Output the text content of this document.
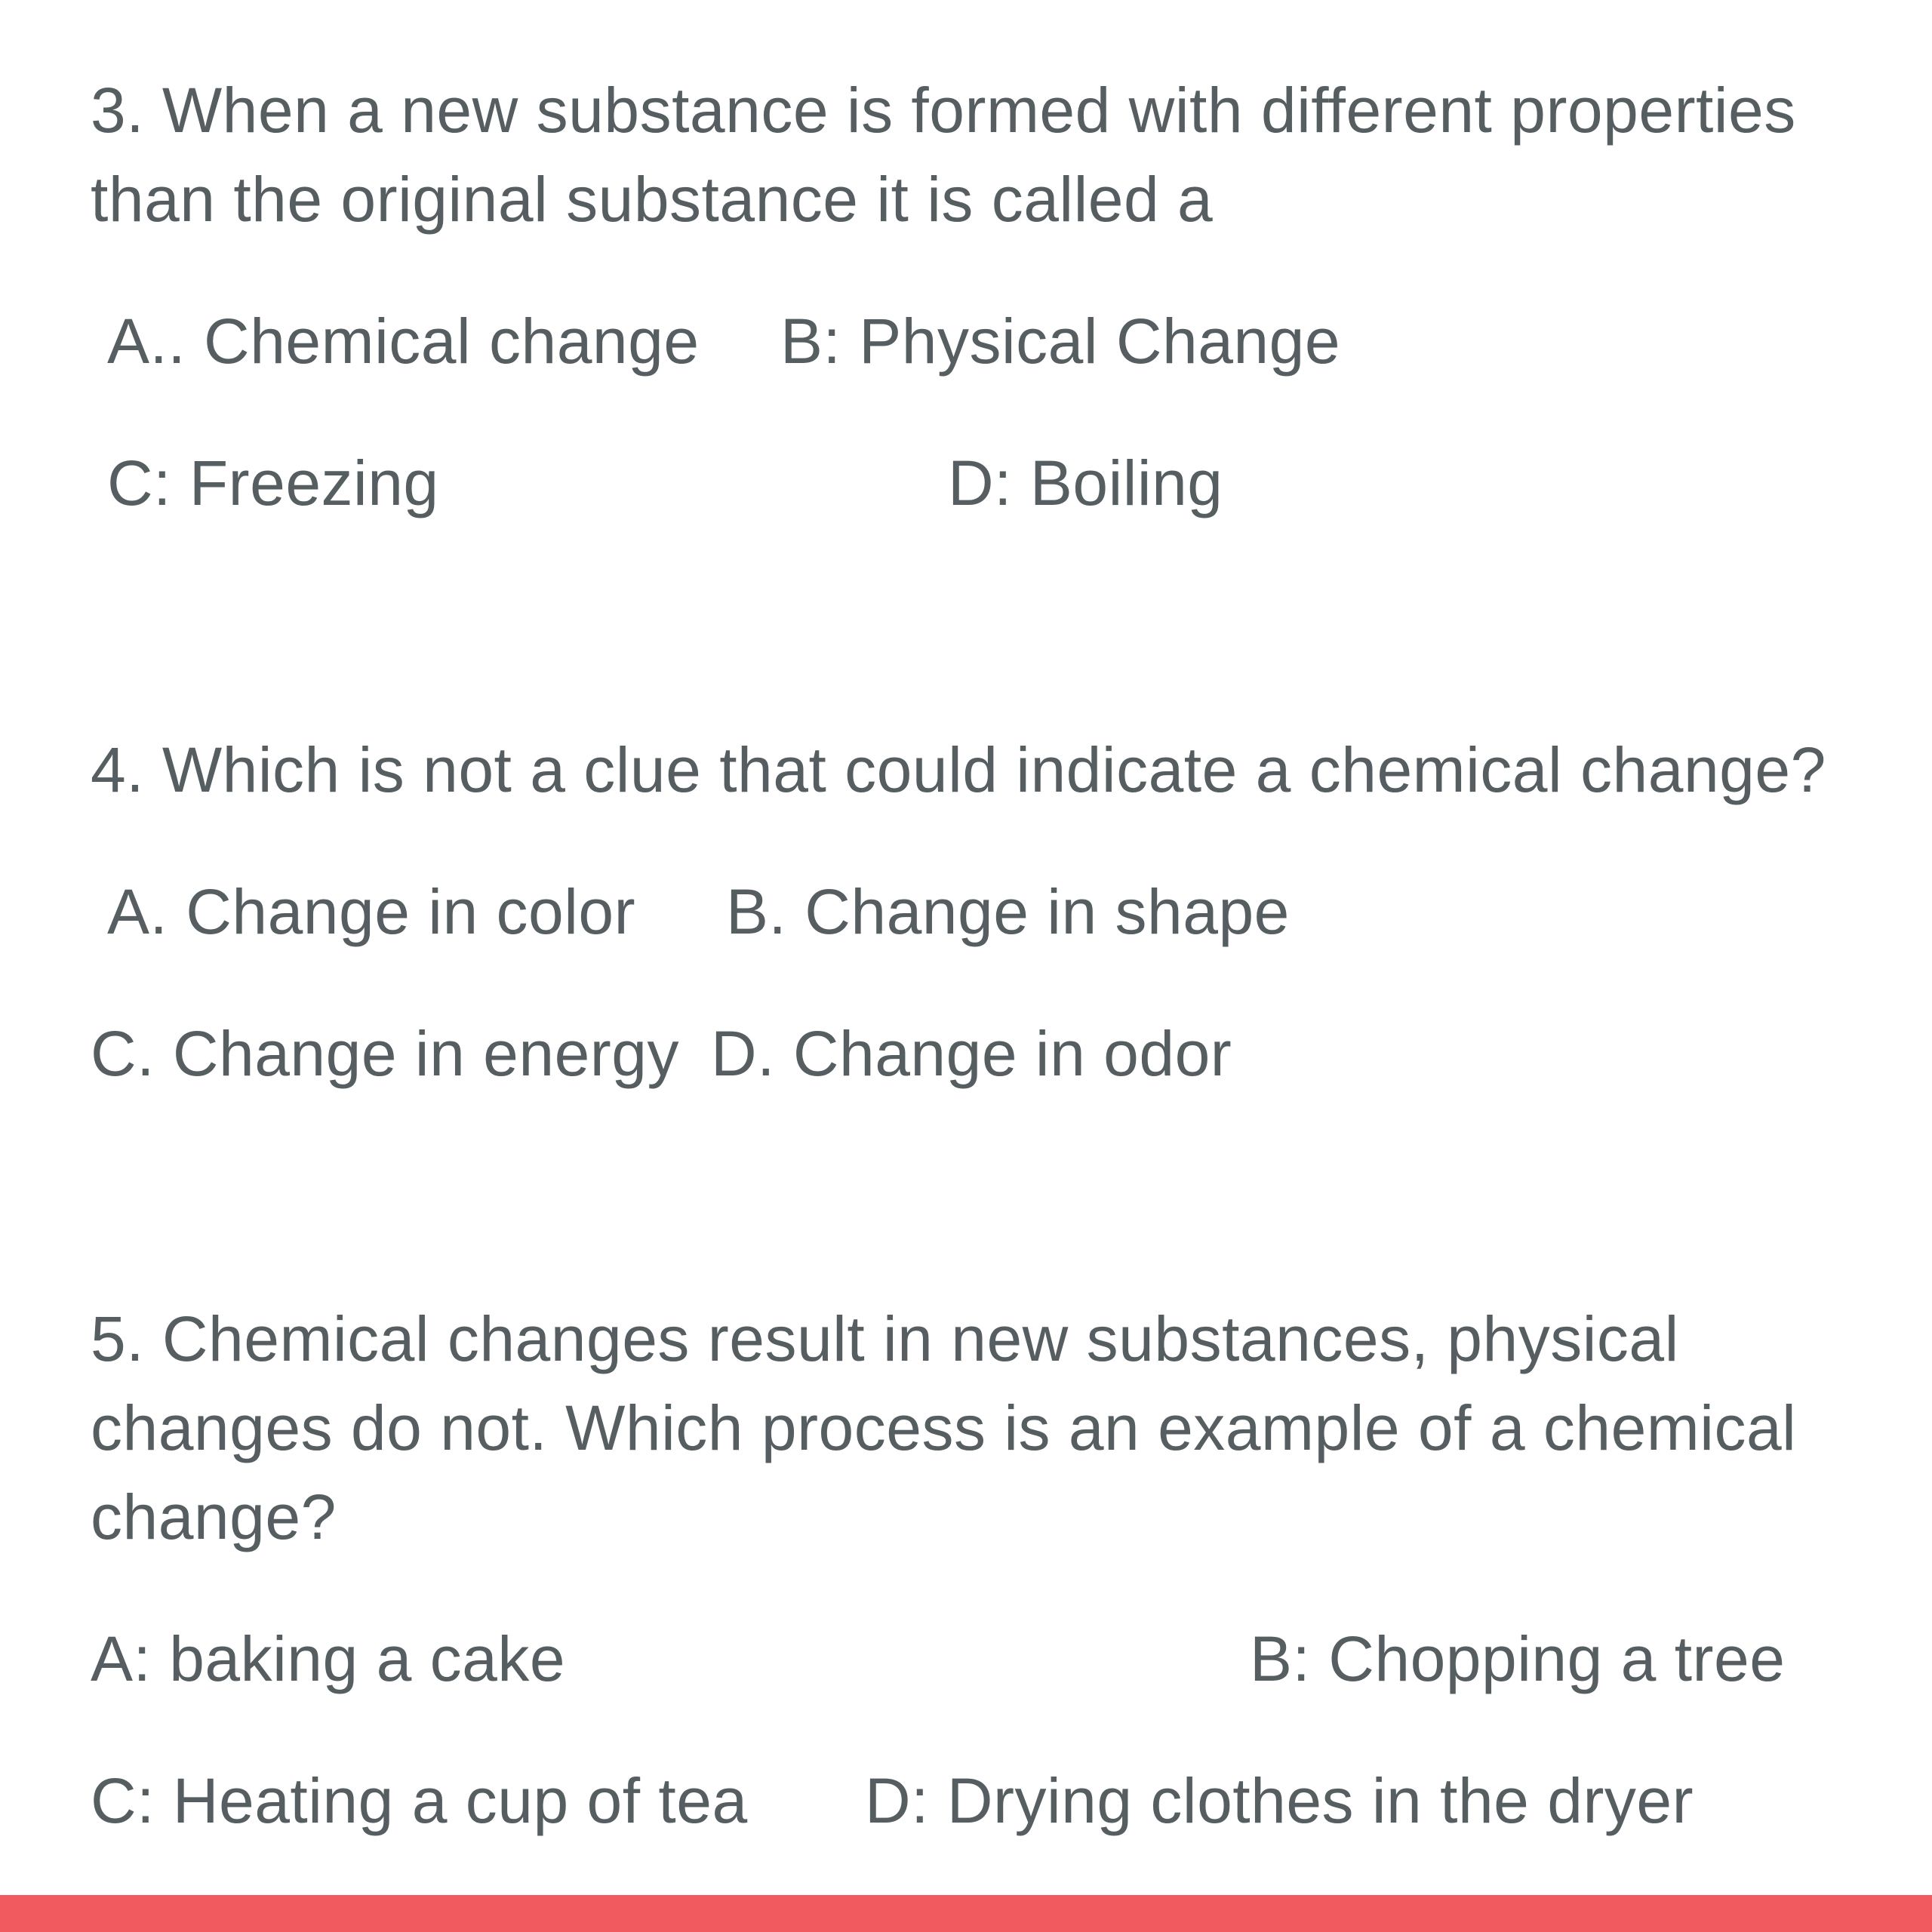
3. When a new substance is formed with different properties
than the original substance it is called a
A.. Chemical change B: Physical Change
C: Freezing	D: Boiling
4. Which is not a clue that could indicate a chemical change?
A. Change in color B. Change in shape
C. Change in energy D. Change in odor
5. Chemical changes result in new substances, physical
changes do not. Which process is an example of a chemical
change?
A: baking a cake	B: Chopping a tree
C: Heating a cup of tea D: Drying clothes in the dryer
